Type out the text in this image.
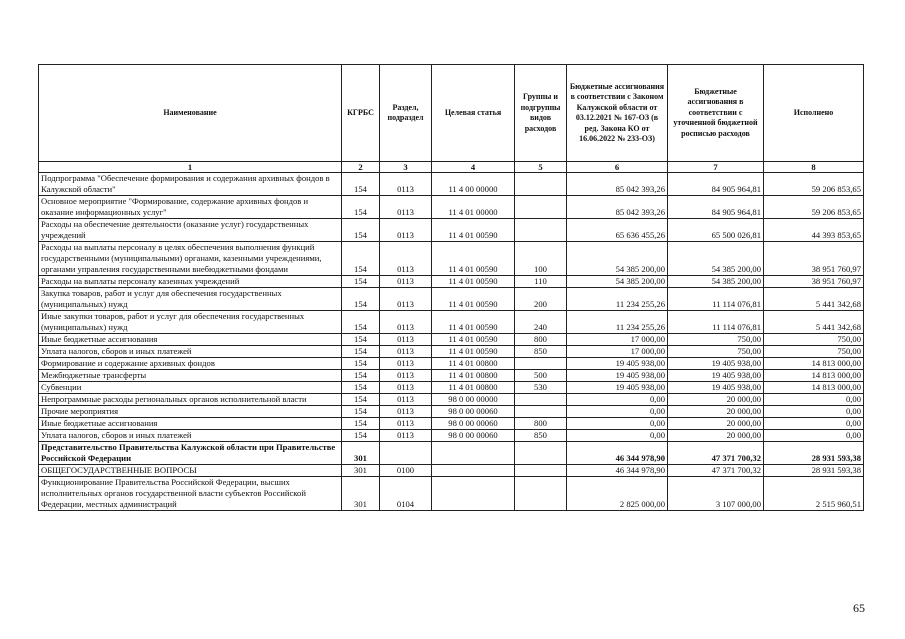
Наименование	КГРБС	Раздел, подраздел	Целевая статья	Группы и подгруппы видов расходов	Бюджетные ассигнования в соответствии с Законом Калужской области от 03.12.2021 № 167-ОЗ (в ред. Закона КО от 16.06.2022 № 233-ОЗ)	Бюджетные ассигнования в соответствии с уточненной бюджетной росписью расходов	Исполнено
1	2	3	4	5	6	7	8
Подпрограмма "Обеспечение формирования и содержания архивных фондов в Калужской области"	154	0113	11 4 00 00000		85 042 393,26	84 905 964,81	59 206 853,65
Основное мероприятие "Формирование, содержание архивных фондов и оказание информационных услуг"	154	0113	11 4 01 00000		85 042 393,26	84 905 964,81	59 206 853,65
Расходы на обеспечение деятельности (оказание услуг) государственных учреждений	154	0113	11 4 01 00590		65 636 455,26	65 500 026,81	44 393 853,65
Расходы на выплаты персоналу в целях обеспечения выполнения функций государственными (муниципальными) органами, казенными учреждениями, органами управления государственными внебюджетными фондами	154	0113	11 4 01 00590	100	54 385 200,00	54 385 200,00	38 951 760,97
Расходы на выплаты персоналу казенных учреждений	154	0113	11 4 01 00590	110	54 385 200,00	54 385 200,00	38 951 760,97
Закупка товаров, работ и услуг для обеспечения государственных (муниципальных) нужд	154	0113	11 4 01 00590	200	11 234 255,26	11 114 076,81	5 441 342,68
Иные закупки товаров, работ и услуг для обеспечения государственных (муниципальных) нужд	154	0113	11 4 01 00590	240	11 234 255,26	11 114 076,81	5 441 342,68
Иные бюджетные ассигнования	154	0113	11 4 01 00590	800	17 000,00	750,00	750,00
Уплата налогов, сборов и иных платежей	154	0113	11 4 01 00590	850	17 000,00	750,00	750,00
Формирование и содержание архивных фондов	154	0113	11 4 01 00800		19 405 938,00	19 405 938,00	14 813 000,00
Межбюджетные трансферты	154	0113	11 4 01 00800	500	19 405 938,00	19 405 938,00	14 813 000,00
Субвенции	154	0113	11 4 01 00800	530	19 405 938,00	19 405 938,00	14 813 000,00
Непрограммные расходы региональных органов исполнительной власти	154	0113	98 0 00 00000		0,00	20 000,00	0,00
Прочие мероприятия	154	0113	98 0 00 00060		0,00	20 000,00	0,00
Иные бюджетные ассигнования	154	0113	98 0 00 00060	800	0,00	20 000,00	0,00
Уплата налогов, сборов и иных платежей	154	0113	98 0 00 00060	850	0,00	20 000,00	0,00
Представительство Правительства Калужской области при Правительстве Российской Федерации	301				46 344 978,90	47 371 700,32	28 931 593,38
ОБЩЕГОСУДАРСТВЕННЫЕ ВОПРОСЫ	301	0100			46 344 978,90	47 371 700,32	28 931 593,38
Функционирование Правительства Российской Федерации, высших исполнительных органов государственной власти субъектов Российской Федерации, местных администраций	301	0104			2 825 000,00	3 107 000,00	2 515 960,51
65
